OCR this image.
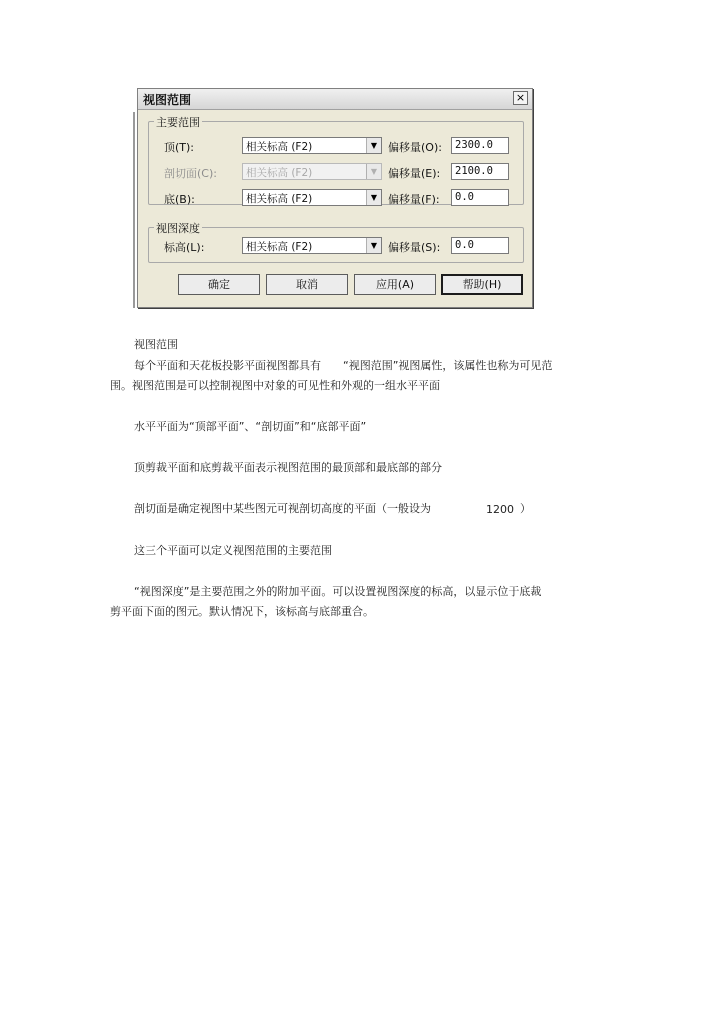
视图范围	×
主要范围
顶(T):	相关标高 (F2)	▼ 偏移量(O):	2300.0
剖切面(C):	相关标高 (F2)	▼ 偏移量(E):	2100.0
底(B):	相关标高 (F2)	▼ 偏移量(F):	0.0
视图深度
标高(L):	相关标高 (F2)	▼ 偏移量(S):	0.0
确定	取消	应用(A)	帮助(H)
视图范围
每个平面和天花板投影平面视图都具有　　“视图范围”视图属性，该属性也称为可见范
围。视图范围是可以控制视图中对象的可见性和外观的一组水平平面
水平平面为“顶部平面”、“剖切面”和“底部平面”
顶剪裁平面和底剪裁平面表示视图范围的最顶部和最底部的部分
剖切面是确定视图中某些图元可视剖切高度的平面（一般设为	1200 ）
这三个平面可以定义视图范围的主要范围
“视图深度”是主要范围之外的附加平面。可以设置视图深度的标高，以显示位于底裁
剪平面下面的图元。默认情况下，该标高与底部重合。
